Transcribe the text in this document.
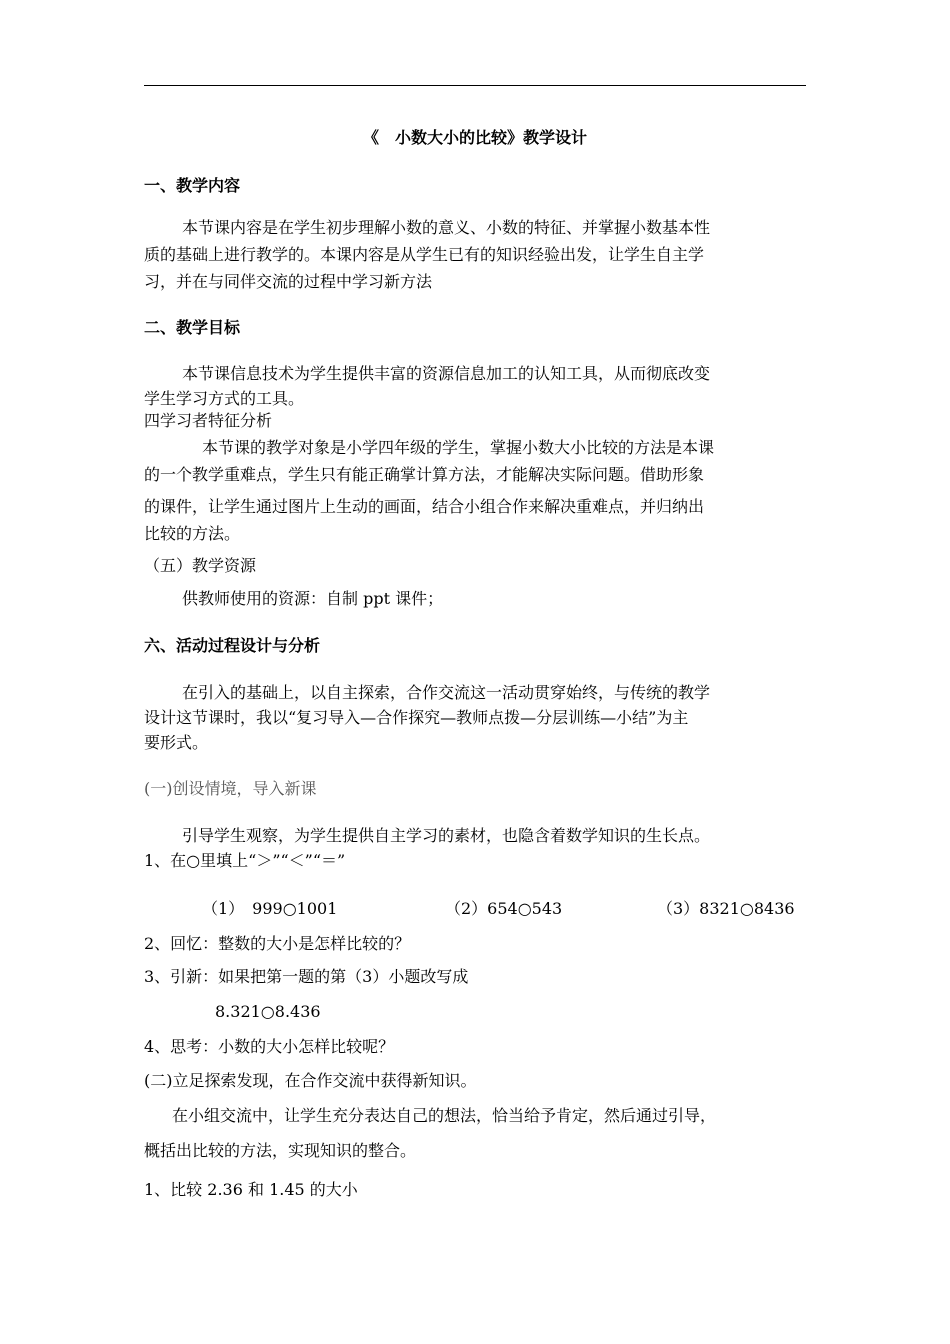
《　小数大小的比较》教学设计
一、教学内容
本节课内容是在学生初步理解小数的意义、小数的特征、并掌握小数基本性
质的基础上进行教学的。本课内容是从学生已有的知识经验出发，让学生自主学
习，并在与同伴交流的过程中学习新方法
二、教学目标
本节课信息技术为学生提供丰富的资源信息加工的认知工具，从而彻底改变
学生学习方式的工具。
四学习者特征分析
本节课的教学对象是小学四年级的学生，掌握小数大小比较的方法是本课
的一个教学重难点，学生只有能正确掌计算方法，才能解决实际问题。借助形象
的课件，让学生通过图片上生动的画面，结合小组合作来解决重难点，并归纳出
比较的方法。
（五）教学资源
供教师使用的资源：自制 ppt 课件；
六、活动过程设计与分析
在引入的基础上，以自主探索，合作交流这一活动贯穿始终，与传统的教学
设计这节课时，我以“复习导入—合作探究—教师点拨—分层训练—小结”为主
要形式。
(一)创设情境，导入新课
引导学生观察，为学生提供自主学习的素材，也隐含着数学知识的生长点。
1、在○里填上“＞”“＜”“＝”
（1）　999○1001	（2）654○543	（3）8321○8436
2、回忆：整数的大小是怎样比较的？
3、引新：如果把第一题的第（3）小题改写成
8.321○8.436
4、思考：小数的大小怎样比较呢？
(二)立足探索发现，在合作交流中获得新知识。
在小组交流中，让学生充分表达自己的想法，恰当给予肯定，然后通过引导，
概括出比较的方法，实现知识的整合。
1、比较 2.36 和 1.45 的大小
